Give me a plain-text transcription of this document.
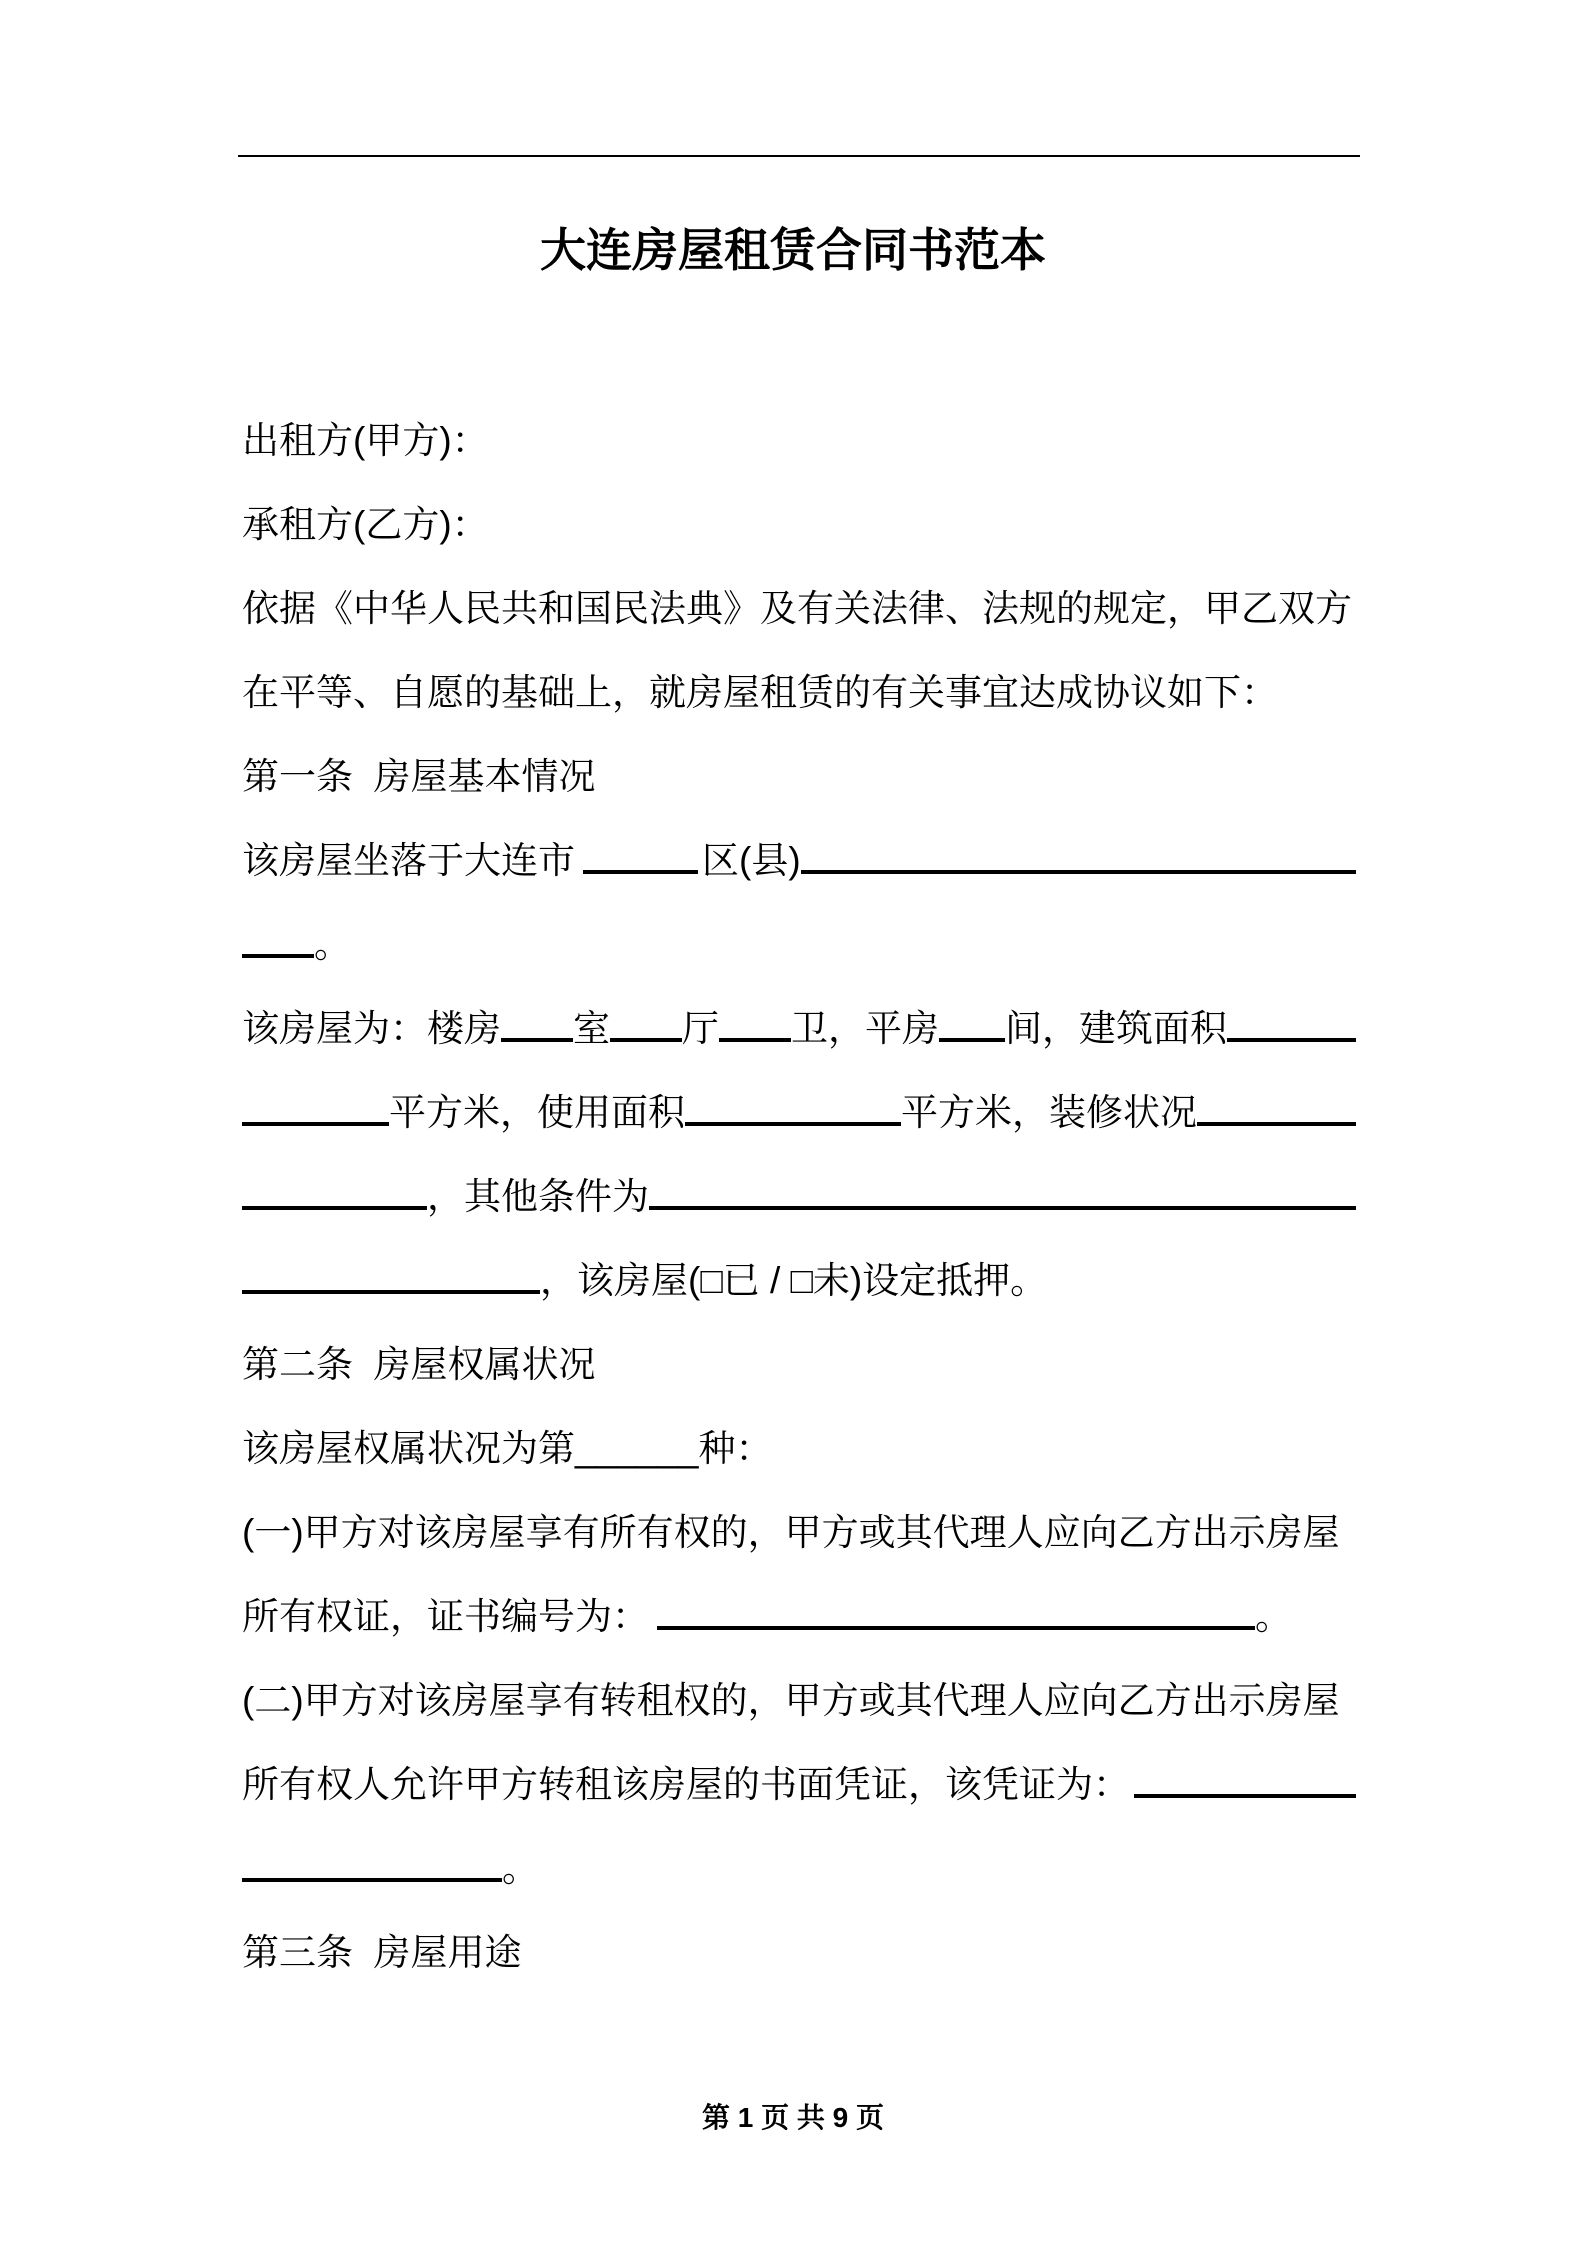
大连房屋租赁合同书范本
出租方(甲方)：
承租方(乙方)：
依据《中华人民共和国民法典》及有关法律、法规的规定，甲乙双方
在平等、自愿的基础上，就房屋租赁的有关事宜达成协议如下：
第一条  房屋基本情况
该房屋坐落于大连市	区(县)
。
该房屋为：楼房 室 厅 卫，平房 间，建筑面积
平方米，使用面积	平方米，装修状况
，其他条件为
，该房屋(□已 / □未)设定抵押。
第二条  房屋权属状况
该房屋权属状况为第______种：
(一)甲方对该房屋享有所有权的，甲方或其代理人应向乙方出示房屋
所有权证，证书编号为：	。
(二)甲方对该房屋享有转租权的，甲方或其代理人应向乙方出示房屋
所有权人允许甲方转租该房屋的书面凭证，该凭证为：
。
第三条  房屋用途
第 1 页 共 9 页
